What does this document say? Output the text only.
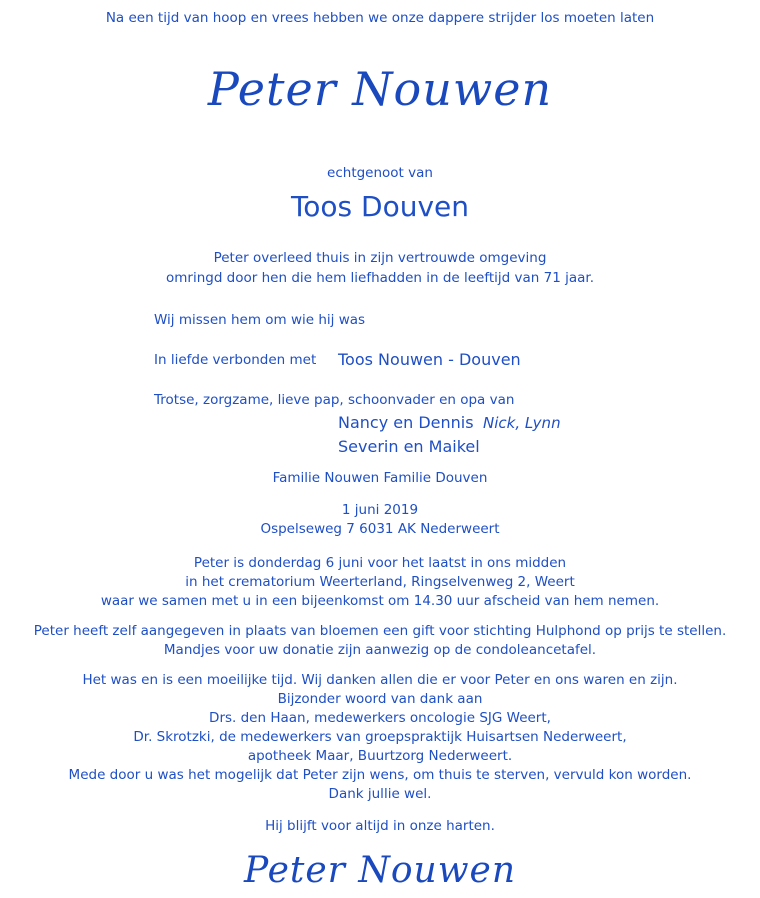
Na een tijd van hoop en vrees hebben we onze dappere strijder los moeten laten
Peter Nouwen
echtgenoot van
Toos Douven
Peter overleed thuis in zijn vertrouwde omgeving
omringd door hen die hem liefhadden in de leeftijd van 71 jaar.
Wij missen hem om wie hij was
In liefde verbonden met Toos Nouwen - Douven
Trotse, zorgzame, lieve pap, schoonvader en opa van
Nancy en Dennis Nick, Lynn
Severin en Maikel
Familie Nouwen Familie Douven
1 juni 2019
Ospelseweg 7 6031 AK Nederweert
Peter is donderdag 6 juni voor het laatst in ons midden
in het crematorium Weerterland, Ringselvenweg 2, Weert
waar we samen met u in een bijeenkomst om 14.30 uur afscheid van hem nemen.
Peter heeft zelf aangegeven in plaats van bloemen een gift voor stichting Hulphond op prijs te stellen.
Mandjes voor uw donatie zijn aanwezig op de condoleancetafel.
Het was en is een moeilijke tijd. Wij danken allen die er voor Peter en ons waren en zijn.
Bijzonder woord van dank aan
Drs. den Haan, medewerkers oncologie SJG Weert,
Dr. Skrotzki, de medewerkers van groepspraktijk Huisartsen Nederweert,
apotheek Maar, Buurtzorg Nederweert.
Mede door u was het mogelijk dat Peter zijn wens, om thuis te sterven, vervuld kon worden.
Dank jullie wel.
Hij blijft voor altijd in onze harten.
Peter Nouwen
